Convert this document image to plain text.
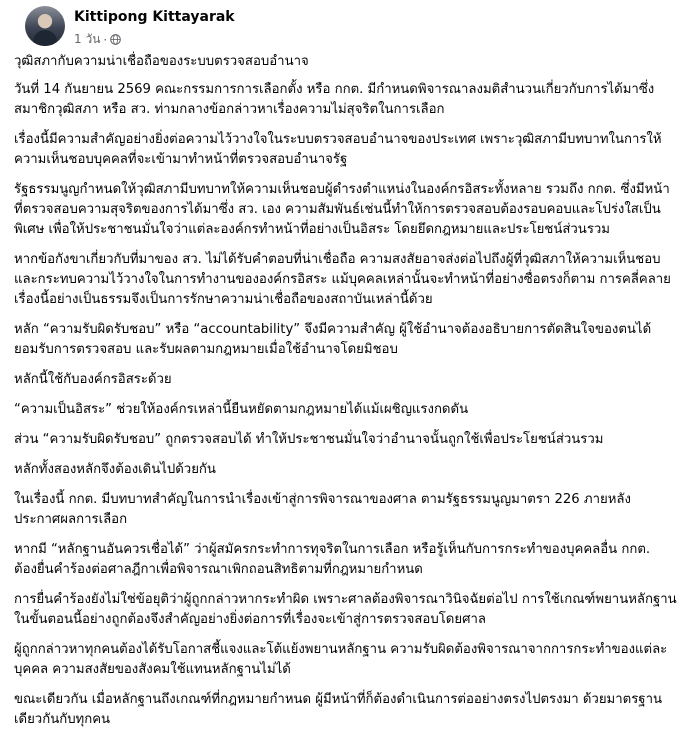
Kittipong Kittayarak
1 วัน ·

วุฒิสภากับความน่าเชื่อถือของระบบตรวจสอบอำนาจ

วันที่ 14 กันยายน 2569 คณะกรรมการการเลือกตั้ง หรือ กกต. มีกำหนดพิจารณาลงมติสำนวนเกี่ยวกับการได้มาซึ่งสมาชิกวุฒิสภา หรือ สว. ท่ามกลางข้อกล่าวหาเรื่องความไม่สุจริตในการเลือก

เรื่องนี้มีความสำคัญอย่างยิ่งต่อความไว้วางใจในระบบตรวจสอบอำนาจของประเทศ เพราะวุฒิสภามีบทบาทในการให้ความเห็นชอบบุคคลที่จะเข้ามาทำหน้าที่ตรวจสอบอำนาจรัฐ

รัฐธรรมนูญกำหนดให้วุฒิสภามีบทบาทให้ความเห็นชอบผู้ดำรงตำแหน่งในองค์กรอิสระทั้งหลาย รวมถึง กกต. ซึ่งมีหน้าที่ตรวจสอบความสุจริตของการได้มาซึ่ง สว. เอง ความสัมพันธ์เช่นนี้ทำให้การตรวจสอบต้องรอบคอบและโปร่งใสเป็นพิเศษ เพื่อให้ประชาชนมั่นใจว่าแต่ละองค์กรทำหน้าที่อย่างเป็นอิสระ โดยยึดกฎหมายและประโยชน์ส่วนรวม

หากข้อกังขาเกี่ยวกับที่มาของ สว. ไม่ได้รับคำตอบที่น่าเชื่อถือ ความสงสัยอาจส่งต่อไปถึงผู้ที่วุฒิสภาให้ความเห็นชอบ และกระทบความไว้วางใจในการทำงานขององค์กรอิสระ แม้บุคคลเหล่านั้นจะทำหน้าที่อย่างซื่อตรงก็ตาม การคลี่คลายเรื่องนี้อย่างเป็นธรรมจึงเป็นการรักษาความน่าเชื่อถือของสถาบันเหล่านี้ด้วย

หลัก “ความรับผิดรับชอบ” หรือ “accountability” จึงมีความสำคัญ ผู้ใช้อำนาจต้องอธิบายการตัดสินใจของตนได้ ยอมรับการตรวจสอบ และรับผลตามกฎหมายเมื่อใช้อำนาจโดยมิชอบ

หลักนี้ใช้กับองค์กรอิสระด้วย

“ความเป็นอิสระ” ช่วยให้องค์กรเหล่านี้ยืนหยัดตามกฎหมายได้แม้เผชิญแรงกดดัน

ส่วน “ความรับผิดรับชอบ” ถูกตรวจสอบได้ ทำให้ประชาชนมั่นใจว่าอำนาจนั้นถูกใช้เพื่อประโยชน์ส่วนรวม

หลักทั้งสองหลักจึงต้องเดินไปด้วยกัน

ในเรื่องนี้ กกต. มีบทบาทสำคัญในการนำเรื่องเข้าสู่การพิจารณาของศาล ตามรัฐธรรมนูญมาตรา 226 ภายหลังประกาศผลการเลือก

หากมี “หลักฐานอันควรเชื่อได้” ว่าผู้สมัครกระทำการทุจริตในการเลือก หรือรู้เห็นกับการกระทำของบุคคลอื่น กกต. ต้องยื่นคำร้องต่อศาลฎีกาเพื่อพิจารณาเพิกถอนสิทธิตามที่กฎหมายกำหนด

การยื่นคำร้องยังไม่ใช่ข้อยุติว่าผู้ถูกกล่าวหากระทำผิด เพราะศาลต้องพิจารณาวินิจฉัยต่อไป การใช้เกณฑ์พยานหลักฐานในขั้นตอนนี้อย่างถูกต้องจึงสำคัญอย่างยิ่งต่อการที่เรื่องจะเข้าสู่การตรวจสอบโดยศาล

ผู้ถูกกล่าวหาทุกคนต้องได้รับโอกาสชี้แจงและโต้แย้งพยานหลักฐาน ความรับผิดต้องพิจารณาจากการกระทำของแต่ละบุคคล ความสงสัยของสังคมใช้แทนหลักฐานไม่ได้

ขณะเดียวกัน เมื่อหลักฐานถึงเกณฑ์ที่กฎหมายกำหนด ผู้มีหน้าที่ก็ต้องดำเนินการต่ออย่างตรงไปตรงมา ด้วยมาตรฐานเดียวกันกับทุกคน
